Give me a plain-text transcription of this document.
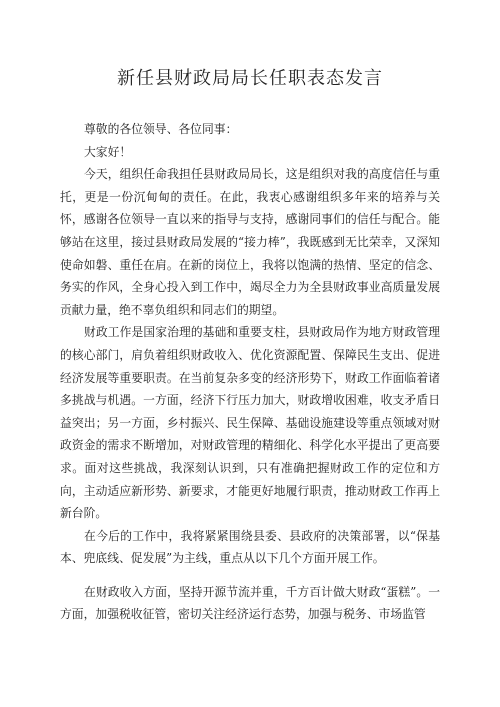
新任县财政局局长任职表态发言

尊敬的各位领导、各位同事：

大家好！

今天，组织任命我担任县财政局局长，这是组织对我的高度信任与重托，更是一份沉甸甸的责任。在此，我衷心感谢组织多年来的培养与关怀，感谢各位领导一直以来的指导与支持，感谢同事们的信任与配合。能够站在这里，接过县财政局发展的“接力棒”，我既感到无比荣幸，又深知使命如磐、重任在肩。在新的岗位上，我将以饱满的热情、坚定的信念、务实的作风，全身心投入到工作中，竭尽全力为全县财政事业高质量发展贡献力量，绝不辜负组织和同志们的期望。

财政工作是国家治理的基础和重要支柱，县财政局作为地方财政管理的核心部门，肩负着组织财政收入、优化资源配置、保障民生支出、促进经济发展等重要职责。在当前复杂多变的经济形势下，财政工作面临着诸多挑战与机遇。一方面，经济下行压力加大，财政增收困难，收支矛盾日益突出；另一方面，乡村振兴、民生保障、基础设施建设等重点领域对财政资金的需求不断增加，对财政管理的精细化、科学化水平提出了更高要求。面对这些挑战，我深刻认识到，只有准确把握财政工作的定位和方向，主动适应新形势、新要求，才能更好地履行职责，推动财政工作再上新台阶。

在今后的工作中，我将紧紧围绕县委、县政府的决策部署，以“保基本、兜底线、促发展”为主线，重点从以下几个方面开展工作。

在财政收入方面，坚持开源节流并重，千方百计做大财政“蛋糕”。一方面，加强税收征管，密切关注经济运行态势，加强与税务、市场监管
